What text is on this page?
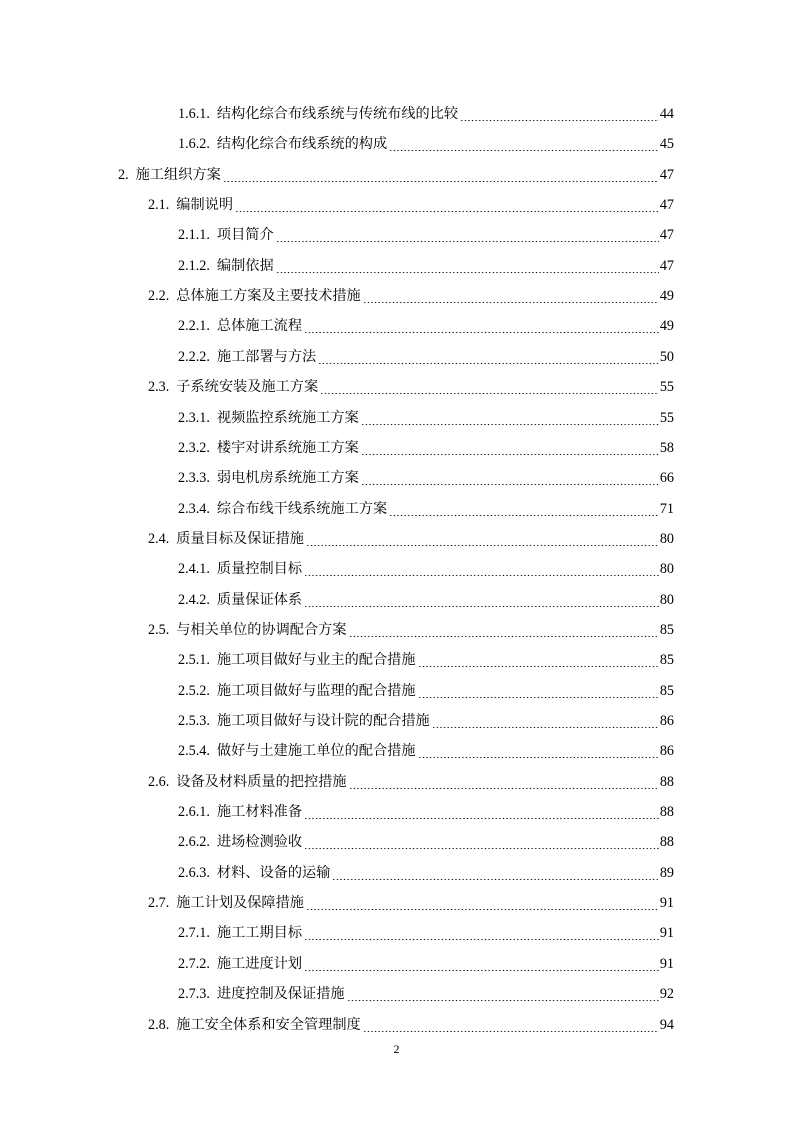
1.6.1. 结构化综合布线系统与传统布线的比较	44
1.6.2. 结构化综合布线系统的构成	45
2. 施工组织方案	47
2.1. 编制说明	47
2.1.1. 项目简介	47
2.1.2. 编制依据	47
2.2. 总体施工方案及主要技术措施	49
2.2.1. 总体施工流程	49
2.2.2. 施工部署与方法	50
2.3. 子系统安装及施工方案	55
2.3.1. 视频监控系统施工方案	55
2.3.2. 楼宇对讲系统施工方案	58
2.3.3. 弱电机房系统施工方案	66
2.3.4. 综合布线干线系统施工方案	71
2.4. 质量目标及保证措施	80
2.4.1. 质量控制目标	80
2.4.2. 质量保证体系	80
2.5. 与相关单位的协调配合方案	85
2.5.1. 施工项目做好与业主的配合措施	85
2.5.2. 施工项目做好与监理的配合措施	85
2.5.3. 施工项目做好与设计院的配合措施	86
2.5.4. 做好与土建施工单位的配合措施	86
2.6. 设备及材料质量的把控措施	88
2.6.1. 施工材料准备	88
2.6.2. 进场检测验收	88
2.6.3. 材料、设备的运输	89
2.7. 施工计划及保障措施	91
2.7.1. 施工工期目标	91
2.7.2. 施工进度计划	91
2.7.3. 进度控制及保证措施	92
2.8. 施工安全体系和安全管理制度	94
2
